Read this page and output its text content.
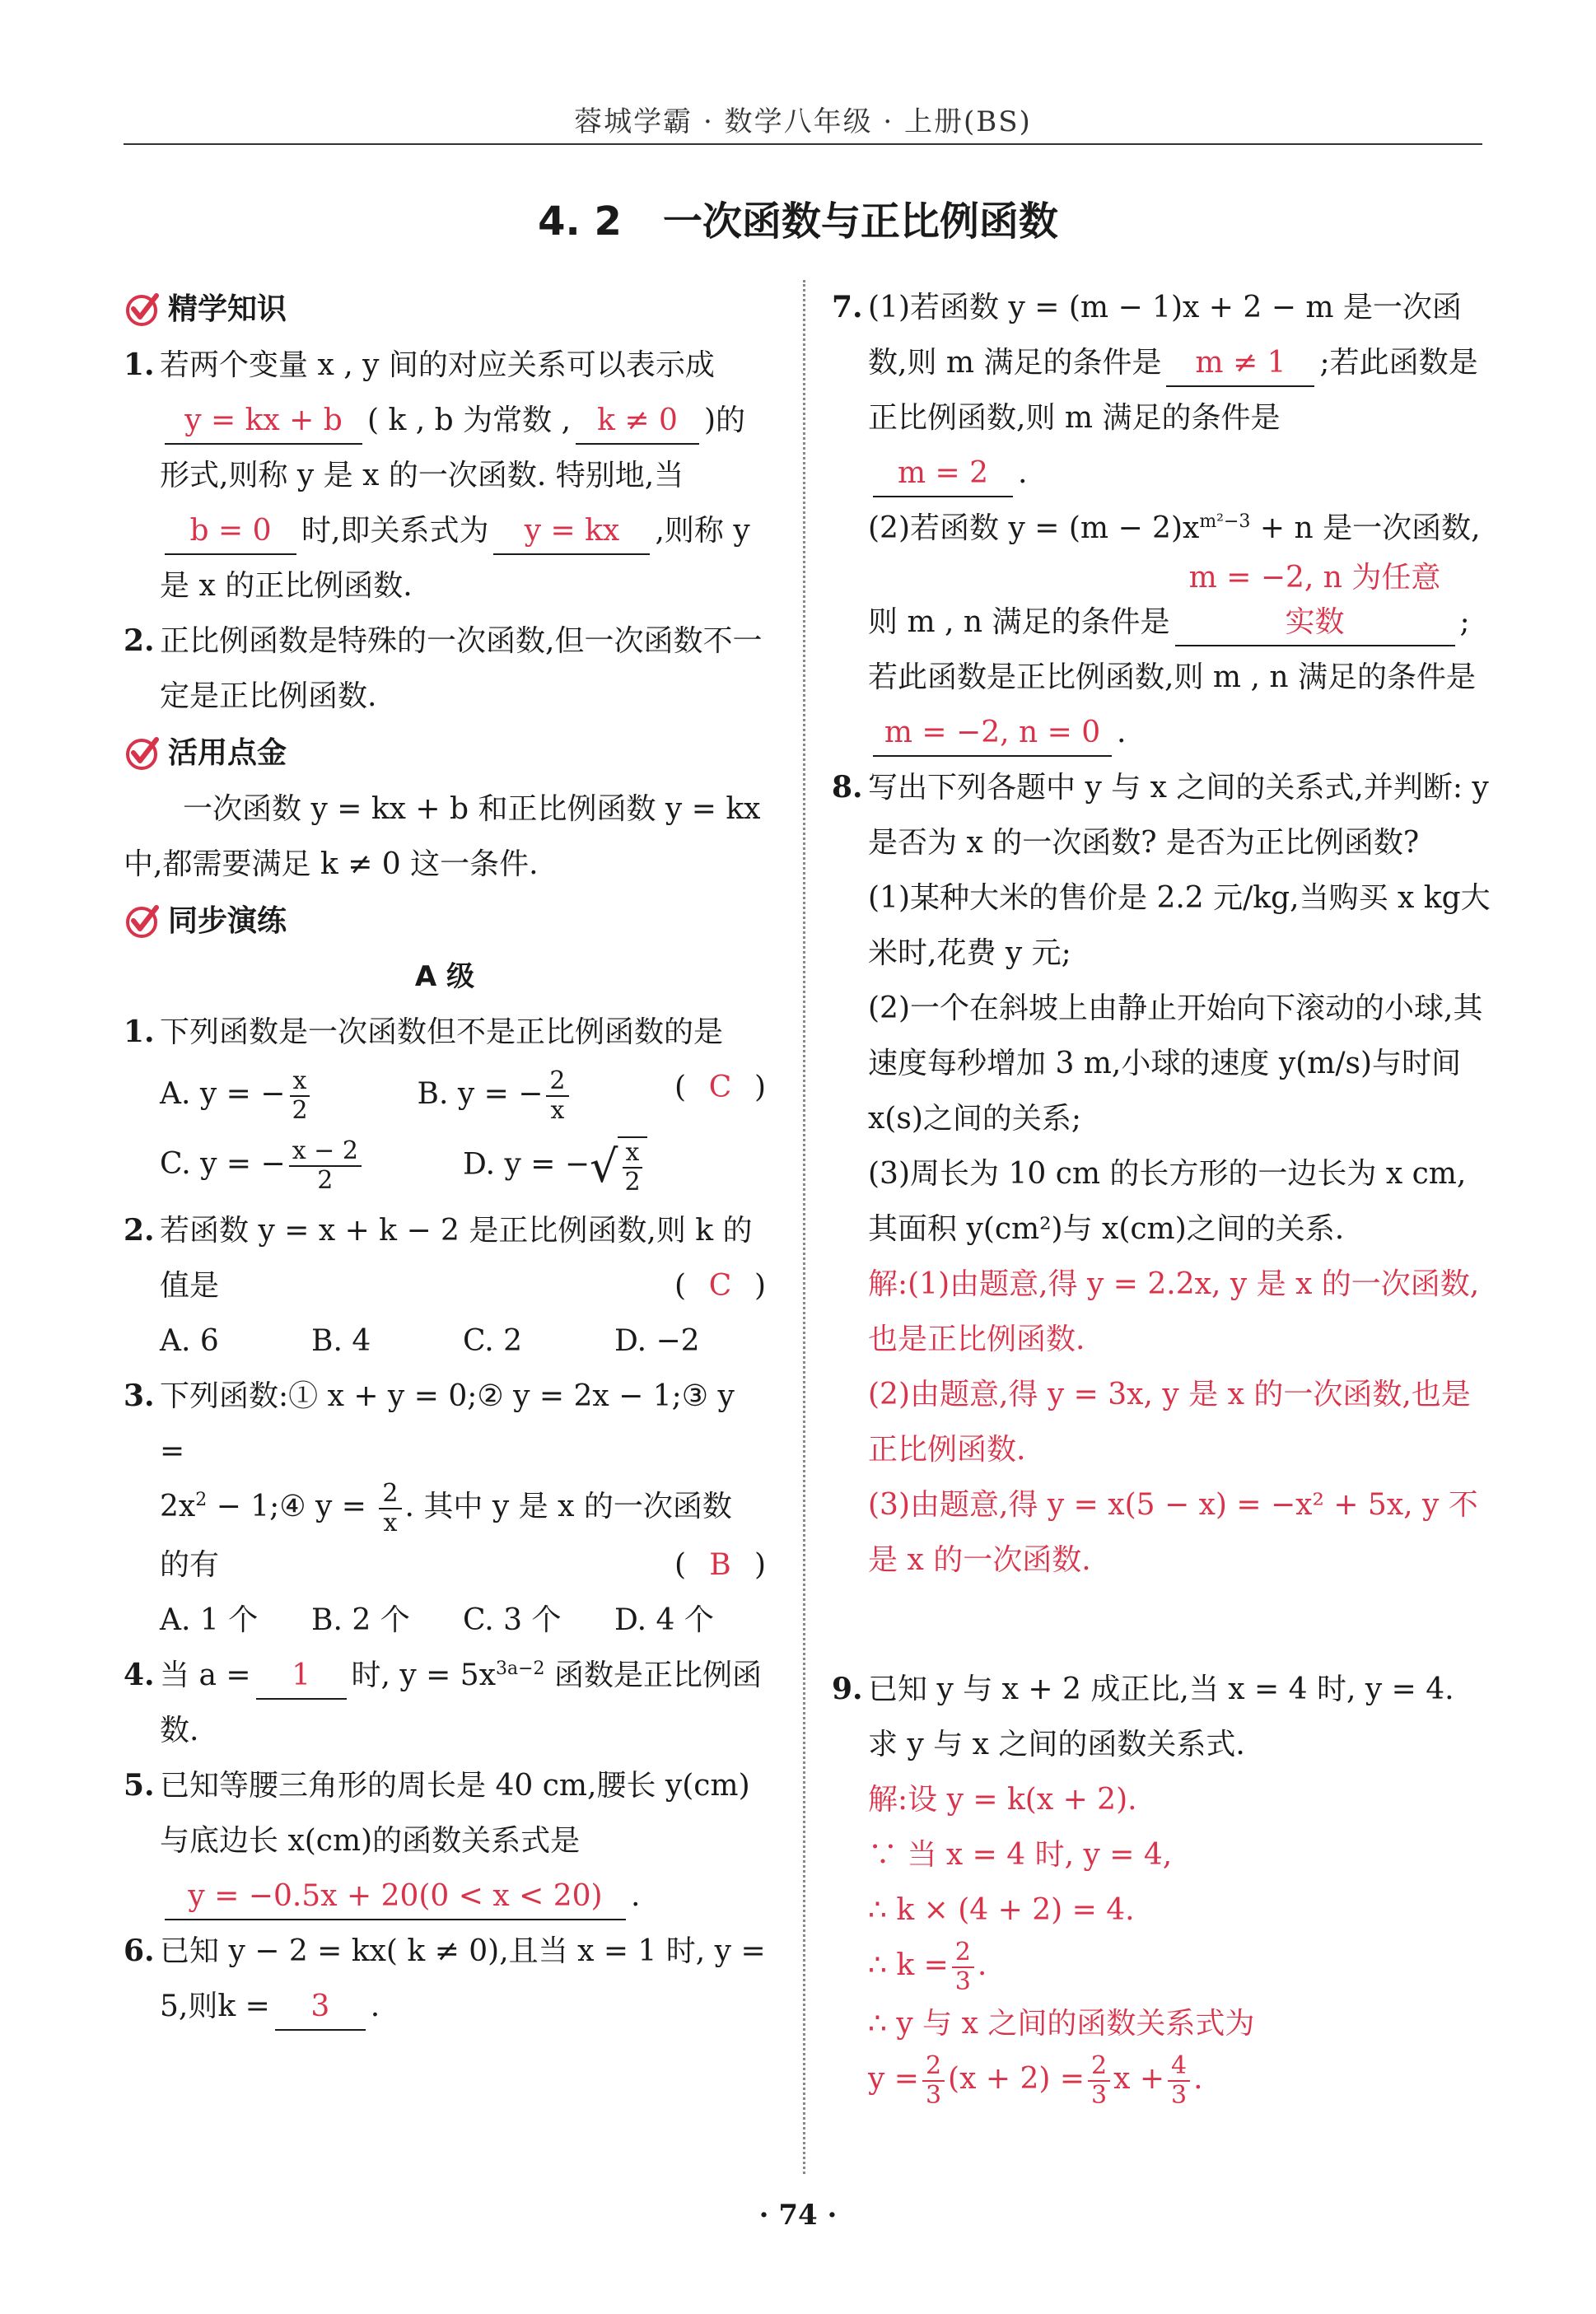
蓉城学霸 · 数学八年级 · 上册(BS)
4. 2 一次函数与正比例函数
精学知识
1. 若两个变量 x , y 间的对应关系可以表示成
y = kx + b ( k , b 为常数 , k ≠ 0 )的形式,则称 y 是 x 的一次函数. 特别地,当
b = 0 时,即关系式为 y = kx ,则称 y 是 x 的正比例函数.
2. 正比例函数是特殊的一次函数,但一次函数不一定是正比例函数.
活用点金
一次函数 y = kx + b 和正比例函数 y = kx 中,都需要满足 k ≠ 0 这一条件.
同步演练
A 级
1. 下列函数是一次函数但不是正比例函数的是
( C )
A. y = − $\frac{x}{2}$	B. y = − $\frac{2}{x}$
C. y = − $\frac{x - 2}{2}$	D. y = − √ $\frac{x}{2}$
2. 若函数 y = x + k − 2 是正比例函数,则 k 的值是	( C )
A. 6	B. 4	C. 2	D. −2
3. 下列函数:① x + y = 0;② y = 2x − 1;③ y =
$2x^2$ − 1;④ $y = \frac{2}{x}$ . 其中 y 是 x 的一次函数
的有	( B )
A. 1 个	B. 2 个	C. 3 个	D. 4 个
4. 当 a = 1 时, $y = 5x^{3a-2}$ 函数是正比例函数.
5. 已知等腰三角形的周长是 40 cm,腰长 y(cm)与底边长 x(cm)的函数关系式是
y = −0.5x + 20(0 < x < 20) .
6. 已知 y − 2 = kx( k ≠ 0),且当 x = 1 时, y = 5,则k = 3 .
7. (1)若函数 y = (m − 1)x + 2 − m 是一次函数,则 m 满足的条件是 m ≠ 1 ;若此函数是正比例函数,则 m 满足的条件是
m = 2 .
(2)若函数 $y = (m - 2)x^{m^2-3} + n$ 是一次函数,则 m , n 满足的条件是m = −2, n 为任意实数	;若此函数是正比例函数,则 m , n 满足的条件是m = −2, n = 0 .
8. 写出下列各题中 y 与 x 之间的关系式,并判断: y 是否为 x 的一次函数? 是否为正比例函数?
(1)某种大米的售价是 2.2 元/kg,当购买 x kg大米时,花费 y 元;
(2)一个在斜坡上由静止开始向下滚动的小球,其速度每秒增加 3 m,小球的速度 y(m/s)与时间 x(s)之间的关系;
(3)周长为 10 cm 的长方形的一边长为 x cm,其面积 y(cm²)与 x(cm)之间的关系.
解:(1)由题意,得 y = 2.2x, y 是 x 的一次函数,也是正比例函数.
(2)由题意,得 y = 3x, y 是 x 的一次函数,也是正比例函数.
(3)由题意,得 y = x(5 − x) = −x² + 5x, y 不是 x 的一次函数.
9. 已知 y 与 x + 2 成正比,当 x = 4 时, y = 4. 求 y 与 x 之间的函数关系式.
解:设 y = k(x + 2).
∵ 当 x = 4 时, y = 4,
∴ k × (4 + 2) = 4.
∴ $k = \frac{2}{3}$ .
∴ y 与 x 之间的函数关系式为
$y = \frac{2}{3} (x + 2) = \frac{2}{3}$ $x + \frac{4}{3}$ .
· 74 ·
